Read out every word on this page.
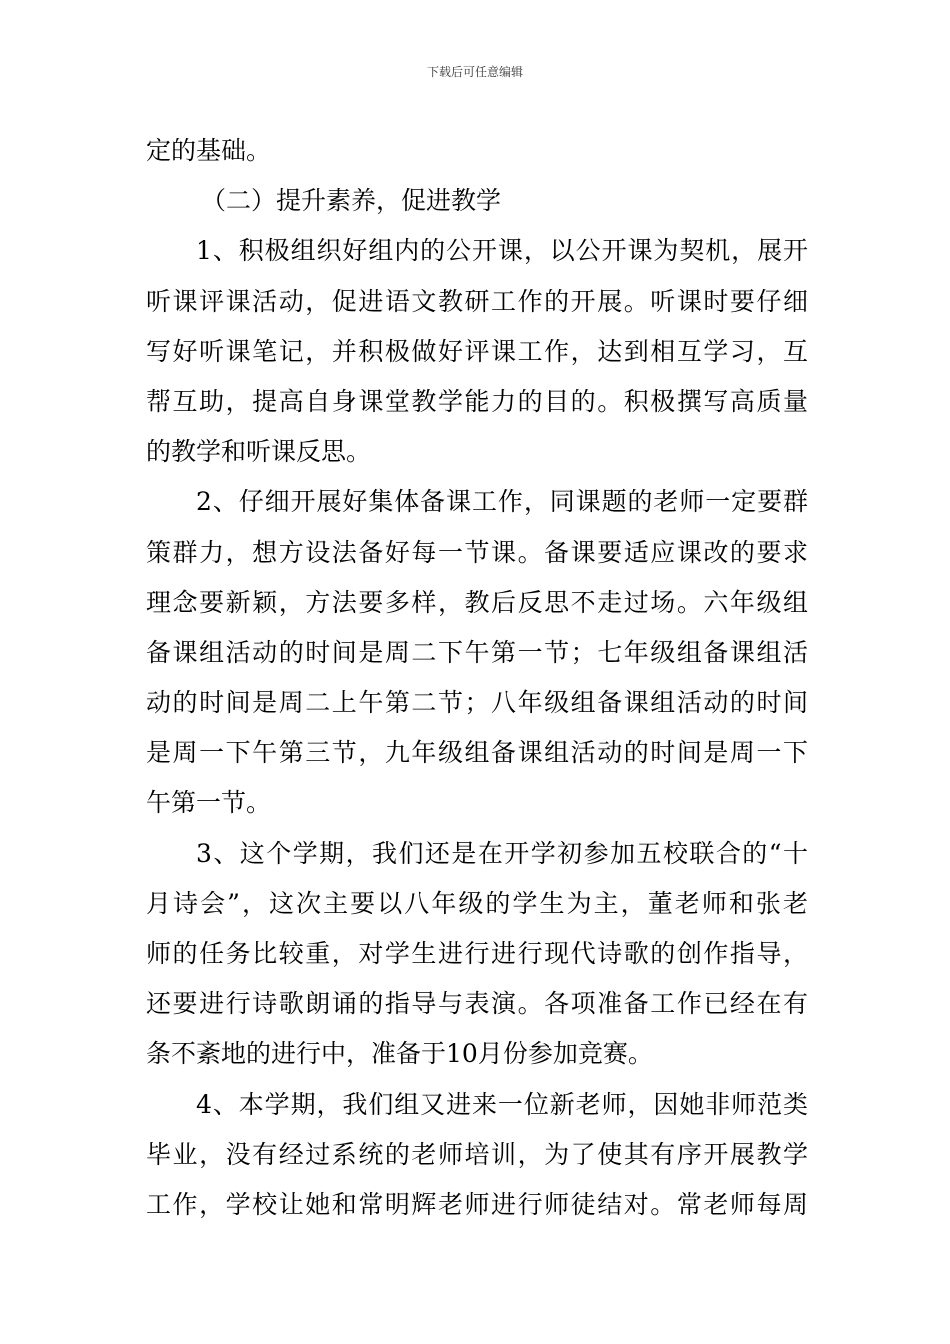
下载后可任意编辑
定的基础。
（二）提升素养，促进教学
1、积极组织好组内的公开课，以公开课为契机，展开
听课评课活动，促进语文教研工作的开展。听课时要仔细
写好听课笔记，并积极做好评课工作，达到相互学习，互
帮互助，提高自身课堂教学能力的目的。积极撰写高质量
的教学和听课反思。
2、仔细开展好集体备课工作，同课题的老师一定要群
策群力，想方设法备好每一节课。备课要适应课改的要求
理念要新颖，方法要多样，教后反思不走过场。六年级组
备课组活动的时间是周二下午第一节；七年级组备课组活
动的时间是周二上午第二节；八年级组备课组活动的时间
是周一下午第三节，九年级组备课组活动的时间是周一下
午第一节。
3、这个学期，我们还是在开学初参加五校联合的“十
月诗会”，这次主要以八年级的学生为主，董老师和张老
师的任务比较重，对学生进行进行现代诗歌的创作指导，
还要进行诗歌朗诵的指导与表演。各项准备工作已经在有
条不紊地的进行中，准备于10月份参加竞赛。
4、本学期，我们组又进来一位新老师，因她非师范类
毕业，没有经过系统的老师培训，为了使其有序开展教学
工作，学校让她和常明辉老师进行师徒结对。常老师每周
